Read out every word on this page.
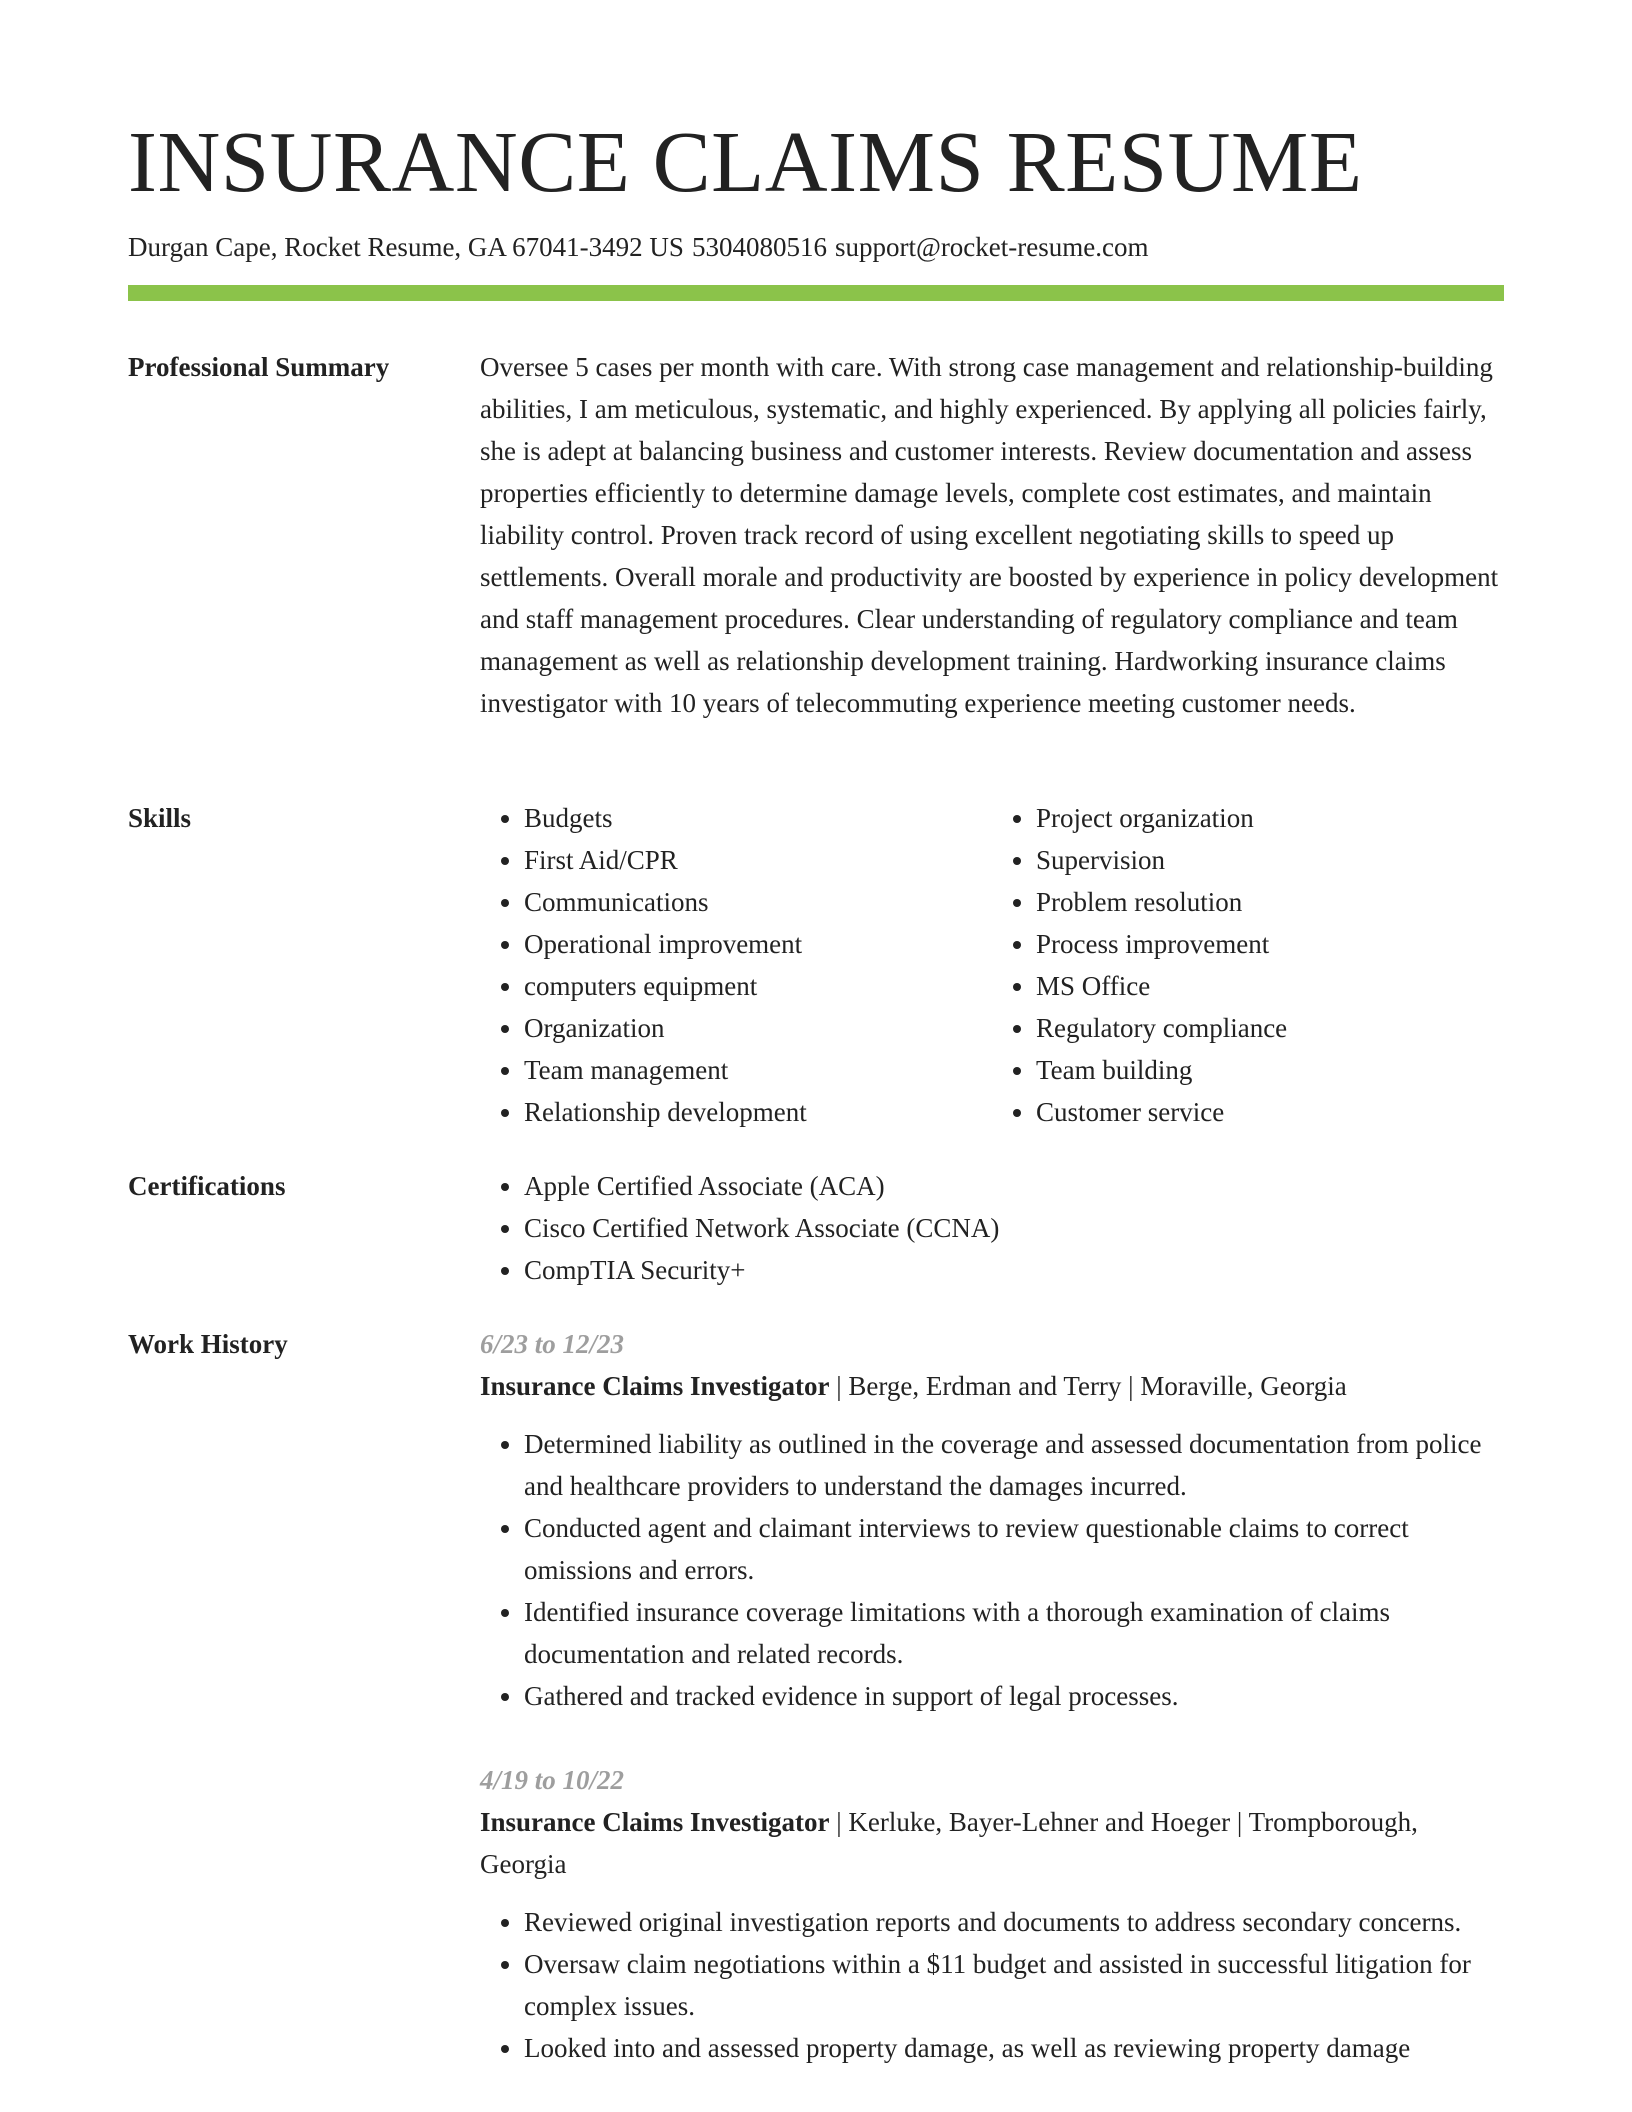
INSURANCE CLAIMS RESUME
Durgan Cape, Rocket Resume, GA 67041-3492 US 5304080516 support@rocket-resume.com
Professional Summary	Oversee 5 cases per month with care. With strong case management and relationship-building abilities, I am meticulous, systematic, and highly experienced. By applying all policies fairly, she is adept at balancing business and customer interests. Review documentation and assess properties efficiently to determine damage levels, complete cost estimates, and maintain liability control. Proven track record of using excellent negotiating skills to speed up settlements. Overall morale and productivity are boosted by experience in policy development and staff management procedures. Clear understanding of regulatory compliance and team management as well as relationship development training. Hardworking insurance claims investigator with 10 years of telecommuting experience meeting customer needs.

Skills	• Budgets
• First Aid/CPR
• Communications
• Operational improvement
• computers equipment
• Organization
• Team management
• Relationship development
• Project organization
• Supervision
• Problem resolution
• Process improvement
• MS Office
• Regulatory compliance
• Team building
• Customer service
Certifications	• Apple Certified Associate (ACA)
• Cisco Certified Network Associate (CCNA)
• CompTIA Security+
Work History	6/23 to 12/23
Insurance Claims Investigator | Berge, Erdman and Terry | Moraville, Georgia
• Determined liability as outlined in the coverage and assessed documentation from police and healthcare providers to understand the damages incurred.
• Conducted agent and claimant interviews to review questionable claims to correct omissions and errors.
• Identified insurance coverage limitations with a thorough examination of claims documentation and related records.
• Gathered and tracked evidence in support of legal processes.
4/19 to 10/22
Insurance Claims Investigator | Kerluke, Bayer-Lehner and Hoeger | Trompborough, Georgia
• Reviewed original investigation reports and documents to address secondary concerns.
• Oversaw claim negotiations within a $11 budget and assisted in successful litigation for complex issues.
• Looked into and assessed property damage, as well as reviewing property damage
